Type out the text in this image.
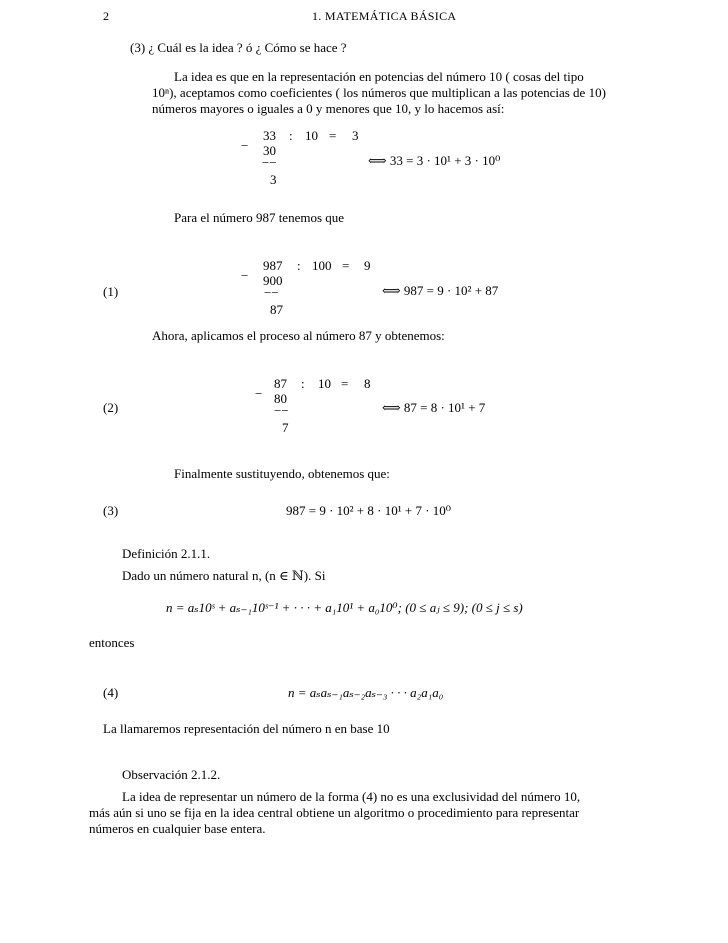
2	1. MATEMÁTICA BÁSICA
(3) ¿ Cuál es la idea ? ó ¿ Cómo se hace ?
La idea es que en la representación en potencias del número 10 ( cosas del tipo
10ⁿ), aceptamos como coeficientes ( los números que multiplican a las potencias de 10)
números mayores o iguales a 0 y menores que 10, y lo hacemos así:
33 : 10 = 3
− 30
−−
3
⟺ 33 = 3 · 10¹ + 3 · 10⁰
Para el número 987 tenemos que
(1)
987 : 100 = 9
− 900
−−
87
⟺ 987 = 9 · 10² + 87
Ahora, aplicamos el proceso al número 87 y obtenemos:
(2)
87 : 10 = 8
− 80
−−
7
⟺ 87 = 8 · 10¹ + 7
Finalmente sustituyendo, obtenemos que:
(3)	987 = 9 · 10² + 8 · 10¹ + 7 · 10⁰
Definición 2.1.1.
Dado un número natural n, (n ∈ ℕ). Si
n = aₛ10ˢ + aₛ₋₁10ˢ⁻¹ + · · · + a₁10¹ + a₀10⁰; (0 ≤ aⱼ ≤ 9); (0 ≤ j ≤ s)
entonces
(4)	n = aₛaₛ₋₁aₛ₋₂aₛ₋₃ · · · a₂a₁a₀
La llamaremos representación del número n en base 10
Observación 2.1.2.
La idea de representar un número de la forma (4) no es una exclusividad del número 10,
más aún si uno se fija en la idea central obtiene un algoritmo o procedimiento para representar
números en cualquier base entera.
